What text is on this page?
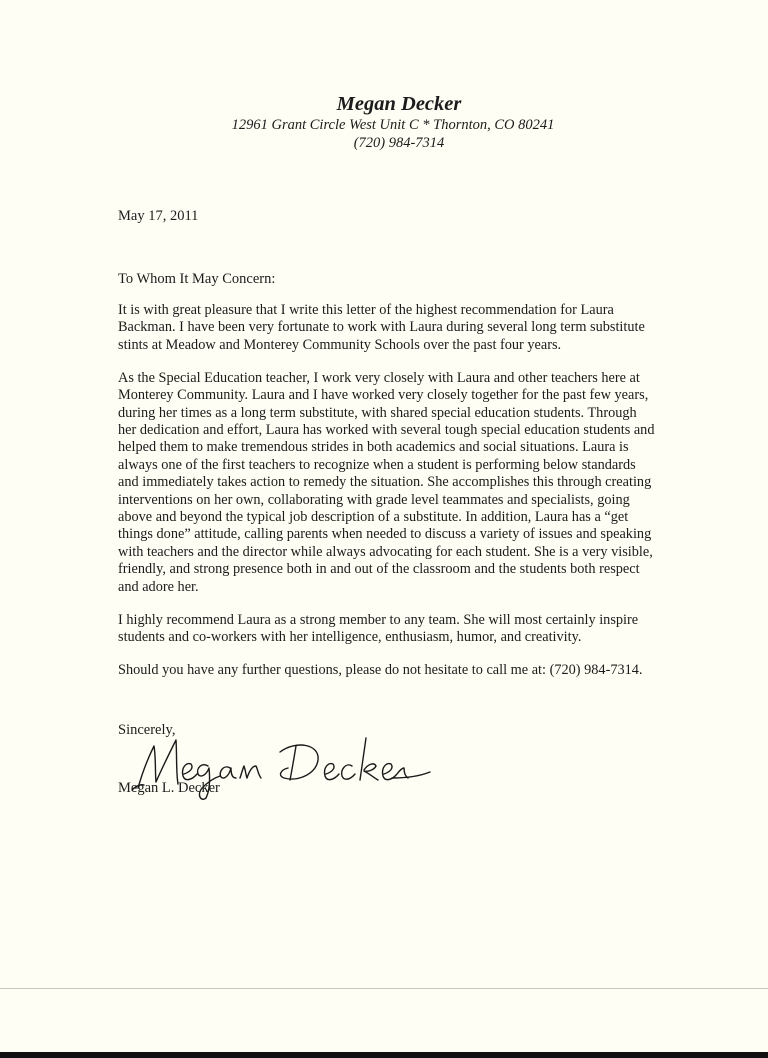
Megan Decker
12961 Grant Circle West Unit C * Thornton, CO 80241
(720) 984-7314
May 17, 2011
To Whom It May Concern:

It is with great pleasure that I write this letter of the highest recommendation for Laura Backman. I have been very fortunate to work with Laura during several long term substitute stints at Meadow and Monterey Community Schools over the past four years.

As the Special Education teacher, I work very closely with Laura and other teachers here at Monterey Community. Laura and I have worked very closely together for the past few years, during her times as a long term substitute, with shared special education students. Through her dedication and effort, Laura has worked with several tough special education students and helped them to make tremendous strides in both academics and social situations. Laura is always one of the first teachers to recognize when a student is performing below standards and immediately takes action to remedy the situation. She accomplishes this through creating interventions on her own, collaborating with grade level teammates and specialists, going above and beyond the typical job description of a substitute. In addition, Laura has a “get things done” attitude, calling parents when needed to discuss a variety of issues and speaking with teachers and the director while always advocating for each student. She is a very visible, friendly, and strong presence both in and out of the classroom and the students both respect and adore her.

I highly recommend Laura as a strong member to any team. She will most certainly inspire students and co-workers with her intelligence, enthusiasm, humor, and creativity.

Should you have any further questions, please do not hesitate to call me at: (720) 984-7314.

Sincerely,
Megan L. Decker
